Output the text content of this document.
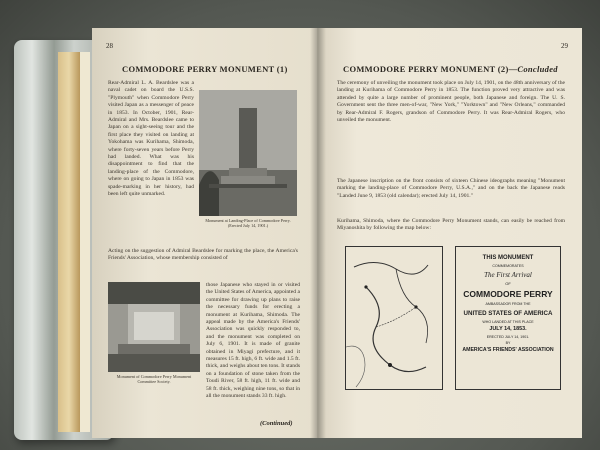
28
COMMODORE PERRY MONUMENT (1)
Rear-Admiral L. A. Beardslee was a naval cadet on board the U.S.S. "Plymouth" when Commodore Perry visited Japan as a messenger of peace in 1853. In October, 1901, Rear-Admiral and Mrs. Beardslee came to Japan on a sight-seeing tour and the first place they visited on landing at Yokohama was Kurihama, Shimoda, where forty-seven years before Perry had landed. What was his disappointment to find that the landing-place of the Commodore, where on going to Japan in 1853 was spade-marking in her history, had been left quite unmarked.
Monument at Landing-Place of Commodore Perry. (Erected July 14, 1901.)
Acting on the suggestion of Admiral Beardslee for marking the place, the America's Friends' Association, whose membership consisted of
Monument of Commodore Perry Monument Committee Society.
those Japanese who stayed in or visited the United States of America, appointed a committee for drawing up plans to raise the necessary funds for erecting a monument at Kurihama, Shimoda. The appeal made by the America's Friends' Association was quickly responded to, and the monument was completed on July 6, 1901. It is made of granite obtained in Miyagi prefecture, and it measures 15 ft. high, 6 ft. wide and 1.5 ft. thick, and weighs about ten tons. It stands on a foundation of stone taken from the Toudi River, 58 ft. high, 11 ft. wide and 58 ft. thick, weighing nine tons, so that in all the monument stands 33 ft. high.
(Continued)
29
COMMODORE PERRY MONUMENT (2)—Concluded
The ceremony of unveiling the monument took place on July 14, 1901, on the 48th anniversary of the landing at Kurihama of Commodore Perry in 1853. The function proved very attractive and was attended by quite a large number of prominent people, both Japanese and foreign. The U. S. Government sent the three men-of-war, "New York," "Yorktown" and "New Orleans," commanded by Rear-Admiral F. Rogers, grandson of Commodore Perry. It was Rear-Admiral Rogers, who unveiled the monument.
The Japanese inscription on the front consists of sixteen Chinese ideographs meaning "Monument marking the landing-place of Commodore Perry, U.S.A.," and on the back the Japanese reads "Landed June 9, 1853 (old calendar); erected July 14, 1901."
Kurihama, Shimoda, where the Commodore Perry Monument stands, can easily be reached from Miyanoshita by following the map below:
THIS MONUMENT
COMMEMORATES
The First Arrival
OF
COMMODORE PERRY
AMBASSADOR FROM THE
UNITED STATES OF AMERICA
WHO LANDED AT THIS PLACE
JULY 14, 1853.
ERECTED JULY 14, 1901.
BY
AMERICA'S FRIENDS' ASSOCIATION
